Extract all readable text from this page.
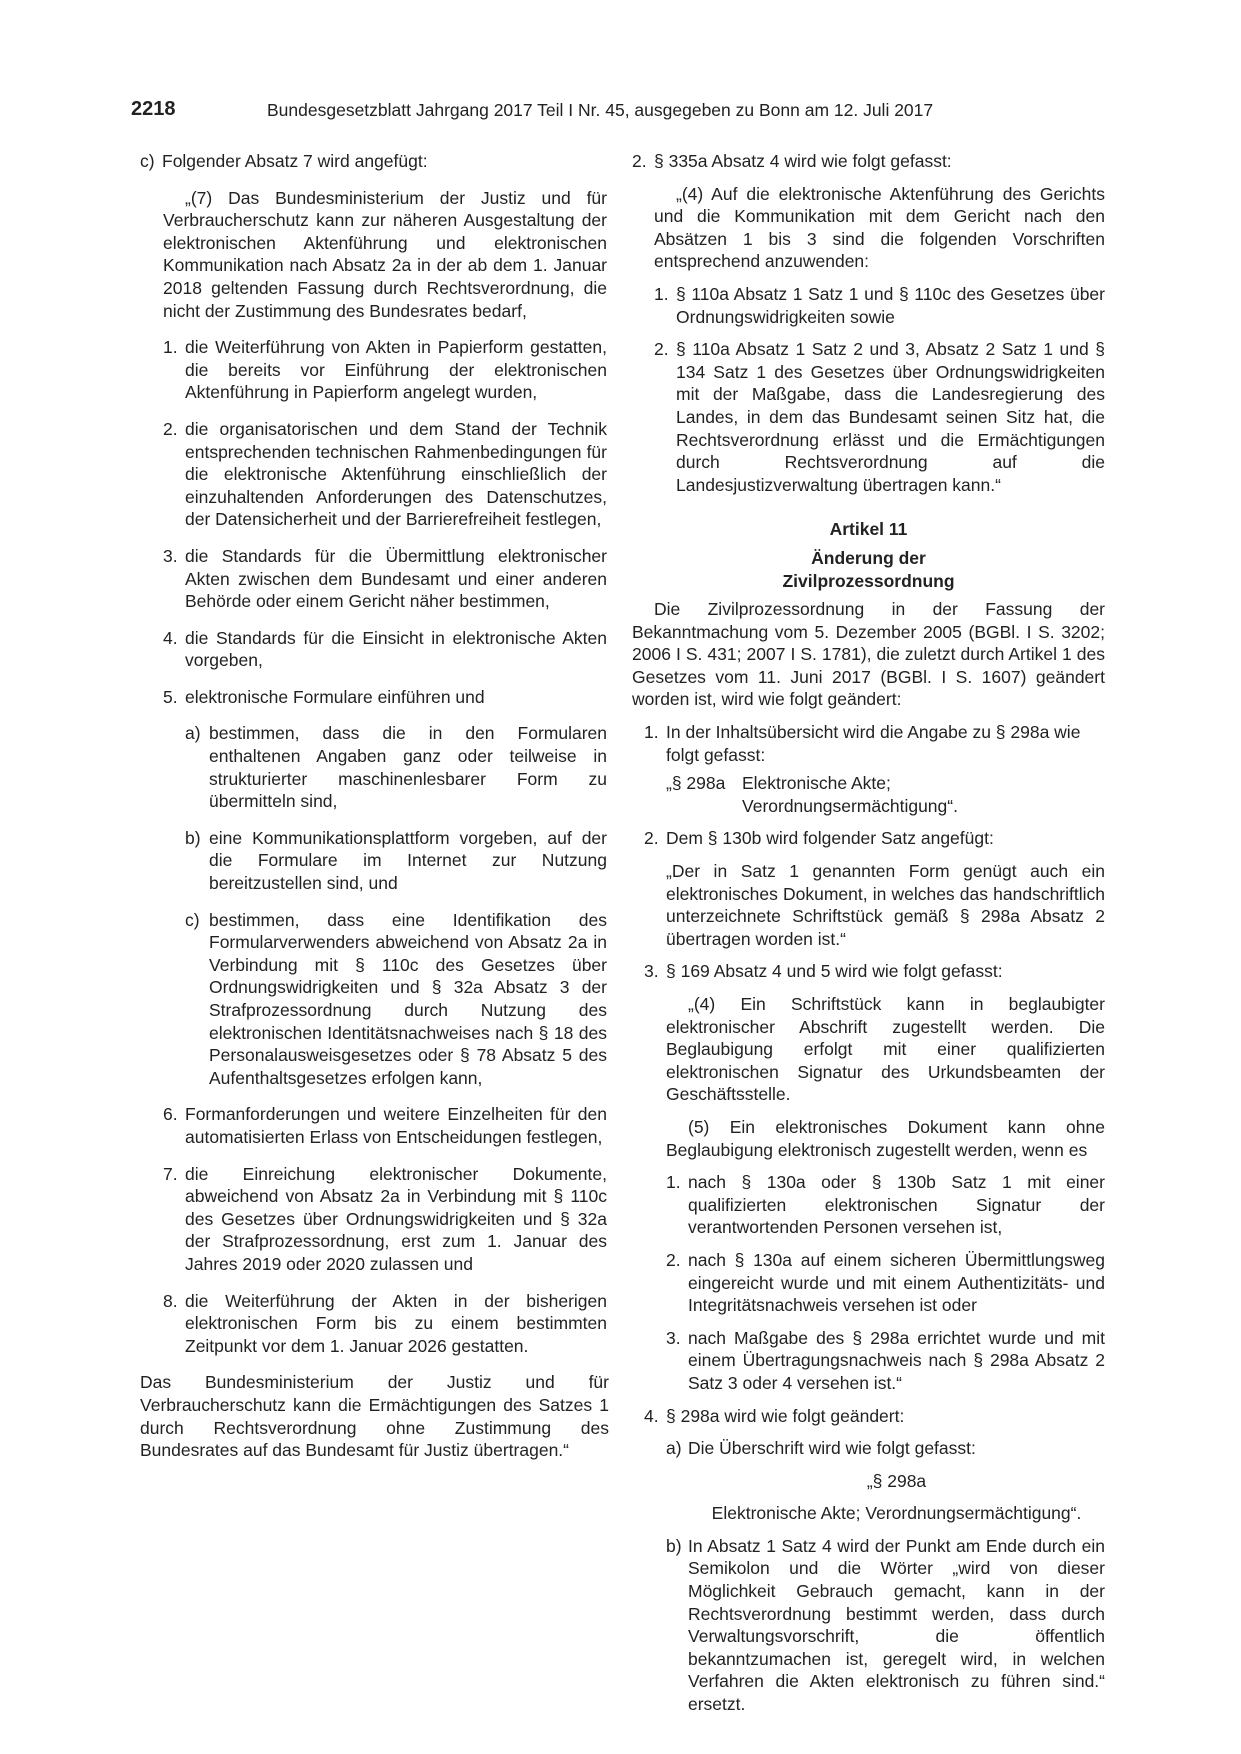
2218	Bundesgesetzblatt Jahrgang 2017 Teil I Nr. 45, ausgegeben zu Bonn am 12. Juli 2017
c) Folgender Absatz 7 wird angefügt:

„(7) Das Bundesministerium der Justiz und für Verbraucherschutz kann zur näheren Ausgestaltung der elektronischen Aktenführung und elektronischen Kommunikation nach Absatz 2a in der ab dem 1. Januar 2018 geltenden Fassung durch Rechtsverordnung, die nicht der Zustimmung des Bundesrates bedarf,

1. die Weiterführung von Akten in Papierform gestatten, die bereits vor Einführung der elektronischen Aktenführung in Papierform angelegt wurden,
2. die organisatorischen und dem Stand der Technik entsprechenden technischen Rahmenbedingungen für die elektronische Aktenführung einschließlich der einzuhaltenden Anforderungen des Datenschutzes, der Datensicherheit und der Barrierefreiheit festlegen,
3. die Standards für die Übermittlung elektronischer Akten zwischen dem Bundesamt und einer anderen Behörde oder einem Gericht näher bestimmen,
4. die Standards für die Einsicht in elektronische Akten vorgeben,
5. elektronische Formulare einführen und
a) bestimmen, dass die in den Formularen enthaltenen Angaben ganz oder teilweise in strukturierter maschinenlesbarer Form zu übermitteln sind,
b) eine Kommunikationsplattform vorgeben, auf der die Formulare im Internet zur Nutzung bereitzustellen sind, und
c) bestimmen, dass eine Identifikation des Formularverwenders abweichend von Absatz 2a in Verbindung mit § 110c des Gesetzes über Ordnungswidrigkeiten und § 32a Absatz 3 der Strafprozessordnung durch Nutzung des elektronischen Identitätsnachweises nach § 18 des Personalausweisgesetzes oder § 78 Absatz 5 des Aufenthaltsgesetzes erfolgen kann,
6. Formanforderungen und weitere Einzelheiten für den automatisierten Erlass von Entscheidungen festlegen,
7. die Einreichung elektronischer Dokumente, abweichend von Absatz 2a in Verbindung mit § 110c des Gesetzes über Ordnungswidrigkeiten und § 32a der Strafprozessordnung, erst zum 1. Januar des Jahres 2019 oder 2020 zulassen und
8. die Weiterführung der Akten in der bisherigen elektronischen Form bis zu einem bestimmten Zeitpunkt vor dem 1. Januar 2026 gestatten.

Das Bundesministerium der Justiz und für Verbraucherschutz kann die Ermächtigungen des Satzes 1 durch Rechtsverordnung ohne Zustimmung des Bundesrates auf das Bundesamt für Justiz übertragen.“

2. § 335a Absatz 4 wird wie folgt gefasst:

„(4) Auf die elektronische Aktenführung des Gerichts und die Kommunikation mit dem Gericht nach den Absätzen 1 bis 3 sind die folgenden Vorschriften entsprechend anzuwenden:

1. § 110a Absatz 1 Satz 1 und § 110c des Gesetzes über Ordnungswidrigkeiten sowie
2. § 110a Absatz 1 Satz 2 und 3, Absatz 2 Satz 1 und § 134 Satz 1 des Gesetzes über Ordnungswidrigkeiten mit der Maßgabe, dass die Landesregierung des Landes, in dem das Bundesamt seinen Sitz hat, die Rechtsverordnung erlässt und die Ermächtigungen durch Rechtsverordnung auf die Landesjustizverwaltung übertragen kann.“

Artikel 11

Änderung der

Zivilprozessordnung

Die Zivilprozessordnung in der Fassung der Bekanntmachung vom 5. Dezember 2005 (BGBl. I S. 3202; 2006 I S. 431; 2007 I S. 1781), die zuletzt durch Artikel 1 des Gesetzes vom 11. Juni 2017 (BGBl. I S. 1607) geändert worden ist, wird wie folgt geändert:

1. In der Inhaltsübersicht wird die Angabe zu § 298a wie folgt gefasst:
„§ 298a Elektronische Akte; Verordnungsermächtigung“.
2. Dem § 130b wird folgender Satz angefügt:

„Der in Satz 1 genannten Form genügt auch ein elektronisches Dokument, in welches das handschriftlich unterzeichnete Schriftstück gemäß § 298a Absatz 2 übertragen worden ist.“

3. § 169 Absatz 4 und 5 wird wie folgt gefasst:

„(4) Ein Schriftstück kann in beglaubigter elektronischer Abschrift zugestellt werden. Die Beglaubigung erfolgt mit einer qualifizierten elektronischen Signatur des Urkundsbeamten der Geschäftsstelle.

(5) Ein elektronisches Dokument kann ohne Beglaubigung elektronisch zugestellt werden, wenn es

1. nach § 130a oder § 130b Satz 1 mit einer qualifizierten elektronischen Signatur der verantwortenden Personen versehen ist,
2. nach § 130a auf einem sicheren Übermittlungsweg eingereicht wurde und mit einem Authentizitäts- und Integritätsnachweis versehen ist oder
3. nach Maßgabe des § 298a errichtet wurde und mit einem Übertragungsnachweis nach § 298a Absatz 2 Satz 3 oder 4 versehen ist.“
4. § 298a wird wie folgt geändert:
a) Die Überschrift wird wie folgt gefasst:

„§ 298a

Elektronische Akte; Verordnungsermächtigung“.

b) In Absatz 1 Satz 4 wird der Punkt am Ende durch ein Semikolon und die Wörter „wird von dieser Möglichkeit Gebrauch gemacht, kann in der Rechtsverordnung bestimmt werden, dass durch Verwaltungsvorschrift, die öffentlich bekanntzumachen ist, geregelt wird, in welchen Verfahren die Akten elektronisch zu führen sind.“ ersetzt.
